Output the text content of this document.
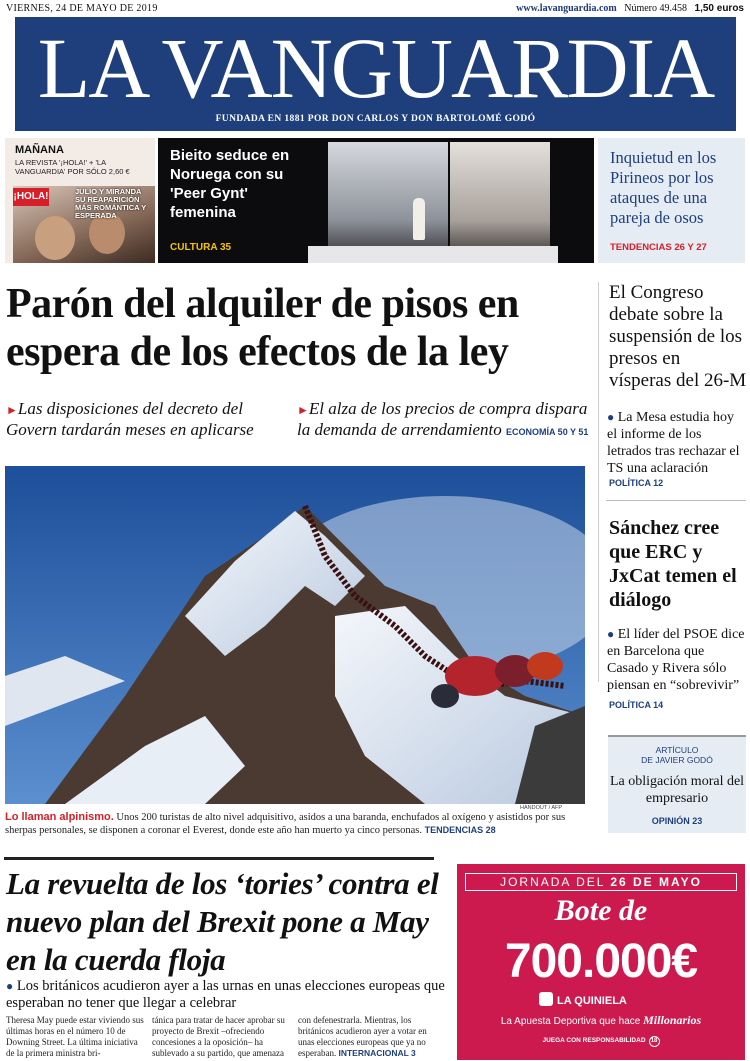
VIERNES, 24 DE MAYO DE 2019	www.lavanguardia.com Número 49.458 1,50 euros
LA VANGUARDIA
FUNDADA EN 1881 POR DON CARLOS Y DON BARTOLOMÉ GODÓ
MAÑANA
LA REVISTA '¡HOLA!' + 'LA VANGUARDIA' POR SÓLO 2,60 €
¡HOLA!	JULIO Y MIRANDA SU REAPARICIÓN MÁS ROMÁNTICA Y ESPERADA
Bieito seduce en Noruega con su 'Peer Gynt' femenina
CULTURA 35
Inquietud en los Pirineos por los ataques de una pareja de osos
TENDENCIAS 26 Y 27
Parón del alquiler de pisos en espera de los efectos de la ley
►Las disposiciones del decreto del Govern tardarán meses en aplicarse
►El alza de los precios de compra dispara la demanda de arrendamiento ECONOMÍA 50 Y 51
HANDOUT / AFP
Lo llaman alpinismo. Unos 200 turistas de alto nivel adquisitivo, asidos a una baranda, enchufados al oxígeno y asistidos por sus sherpas personales, se disponen a coronar el Everest, donde este año han muerto ya cinco personas. TENDENCIAS 28
El Congreso debate sobre la suspensión de los presos en vísperas del 26-M
● La Mesa estudia hoy el informe de los letrados tras rechazar el TS una aclaración
POLÍTICA 12
Sánchez cree que ERC y JxCat temen el diálogo
● El líder del PSOE dice en Barcelona que Casado y Rivera sólo piensan en “sobrevivir”
POLÍTICA 14
ARTÍCULO
DE JAVIER GODÓ
La obligación moral del empresario
OPINIÓN 23
La revuelta de los ‘tories’ contra el nuevo plan del Brexit pone a May en la cuerda floja
● Los británicos acudieron ayer a las urnas en unas elecciones europeas que esperaban no tener que llegar a celebrar
Theresa May puede estar viviendo sus últimas horas en el número 10 de Downing Street. La última iniciativa de la primera ministra bri-
tánica para tratar de hacer aprobar su proyecto de Brexit –ofreciendo concesiones a la oposición– ha sublevado a su partido, que amenaza
con defenestrarla. Mientras, los británicos acudieron ayer a votar en unas elecciones europeas que ya no esperaban. INTERNACIONAL 3
JORNADA DEL 26 DE MAYO
Bote de
700.000€
LA QUINIELA
La Apuesta Deportiva que hace Millonarios
JUEGA CON RESPONSABILIDAD 18
